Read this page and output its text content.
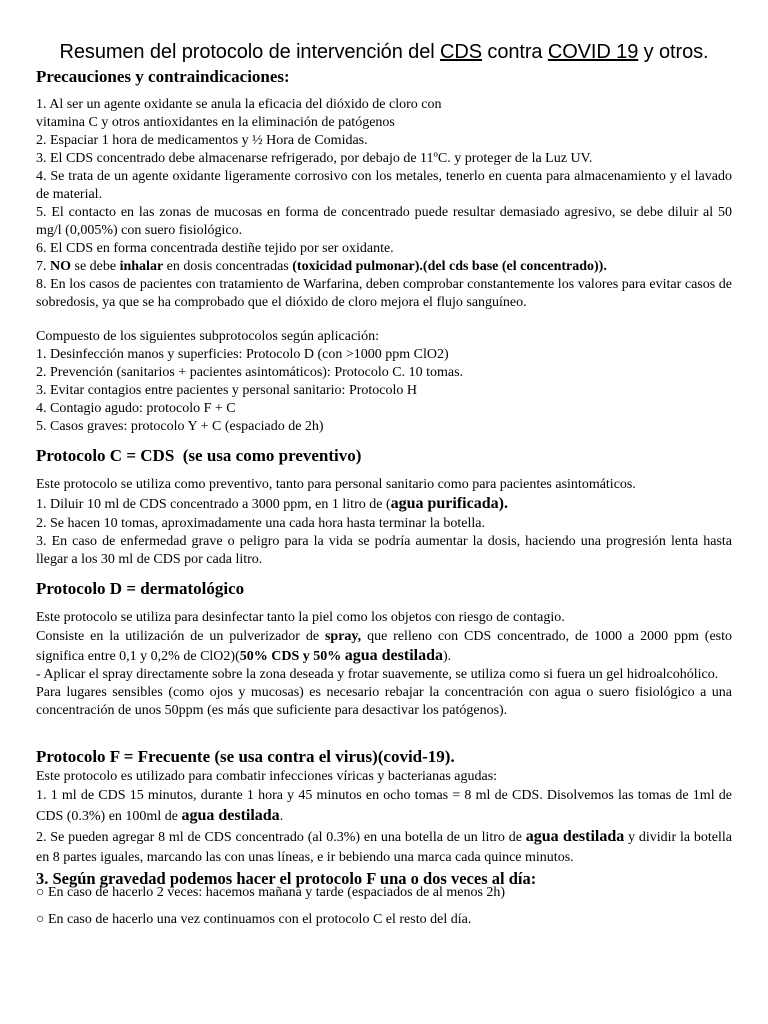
Resumen del protocolo de intervención del CDS contra COVID 19 y otros.

Precauciones y contraindicaciones:

1. Al ser un agente oxidante se anula la eficacia del dióxido de cloro con

vitamina C y otros antioxidantes en la eliminación de patógenos

2. Espaciar 1 hora de medicamentos y ½ Hora de Comidas.

3. El CDS concentrado debe almacenarse refrigerado, por debajo de 11ºC. y proteger de la Luz UV.

4. Se trata de un agente oxidante ligeramente corrosivo con los metales, tenerlo en cuenta para almacenamiento y el lavado de material.

5. El contacto en las zonas de mucosas en forma de concentrado puede resultar demasiado agresivo, se debe diluir al 50 mg/l (0,005%) con suero fisiológico.

6. El CDS en forma concentrada destiñe tejido por ser oxidante.

7. NO se debe inhalar en dosis concentradas (toxicidad pulmonar).(del cds base (el concentrado)).

8. En los casos de pacientes con tratamiento de Warfarina, deben comprobar constantemente los valores para evitar casos de sobredosis, ya que se ha comprobado que el dióxido de cloro mejora el flujo sanguíneo.

Compuesto de los siguientes subprotocolos según aplicación:

1. Desinfección manos y superficies: Protocolo D (con >1000 ppm ClO2)

2. Prevención (sanitarios + pacientes asintomáticos): Protocolo C. 10 tomas.

3. Evitar contagios entre pacientes y personal sanitario: Protocolo H

4. Contagio agudo: protocolo F + C

5. Casos graves: protocolo Y + C (espaciado de 2h)

Protocolo C = CDS  (se usa como preventivo)

Este protocolo se utiliza como preventivo, tanto para personal sanitario como para pacientes asintomáticos.

1. Diluir 10 ml de CDS concentrado a 3000 ppm, en 1 litro de (agua purificada).

2. Se hacen 10 tomas, aproximadamente una cada hora hasta terminar la botella.

3. En caso de enfermedad grave o peligro para la vida se podría aumentar la dosis, haciendo una progresión lenta hasta llegar a los 30 ml de CDS por cada litro.

Protocolo D = dermatológico

Este protocolo se utiliza para desinfectar tanto la piel como los objetos con riesgo de contagio.

Consiste en la utilización de un pulverizador de spray, que relleno con CDS concentrado, de 1000 a 2000 ppm (esto significa entre 0,1 y 0,2% de ClO2)(50% CDS y 50% agua destilada).

- Aplicar el spray directamente sobre la zona deseada y frotar suavemente, se utiliza como si fuera un gel hidroalcohólico.

Para lugares sensibles (como ojos y mucosas) es necesario rebajar la concentración con agua o suero fisiológico a una concentración de unos 50ppm (es más que suficiente para desactivar los patógenos).

Protocolo F = Frecuente (se usa contra el virus)(covid-19).

Este protocolo es utilizado para combatir infecciones víricas y bacterianas agudas:

1. 1 ml de CDS 15 minutos, durante 1 hora y 45 minutos en ocho tomas = 8 ml de CDS. Disolvemos las tomas de 1ml de CDS (0.3%) en 100ml de agua destilada.

2. Se pueden agregar 8 ml de CDS concentrado (al 0.3%) en una botella de un litro de agua destilada y dividir la botella en 8 partes iguales, marcando las con unas líneas, e ir bebiendo una marca cada quince minutos.

3. Según gravedad podemos hacer el protocolo F una o dos veces al día:

○ En caso de hacerlo 2 veces: hacemos mañana y tarde (espaciados de al menos 2h)

○ En caso de hacerlo una vez continuamos con el protocolo C el resto del día.
